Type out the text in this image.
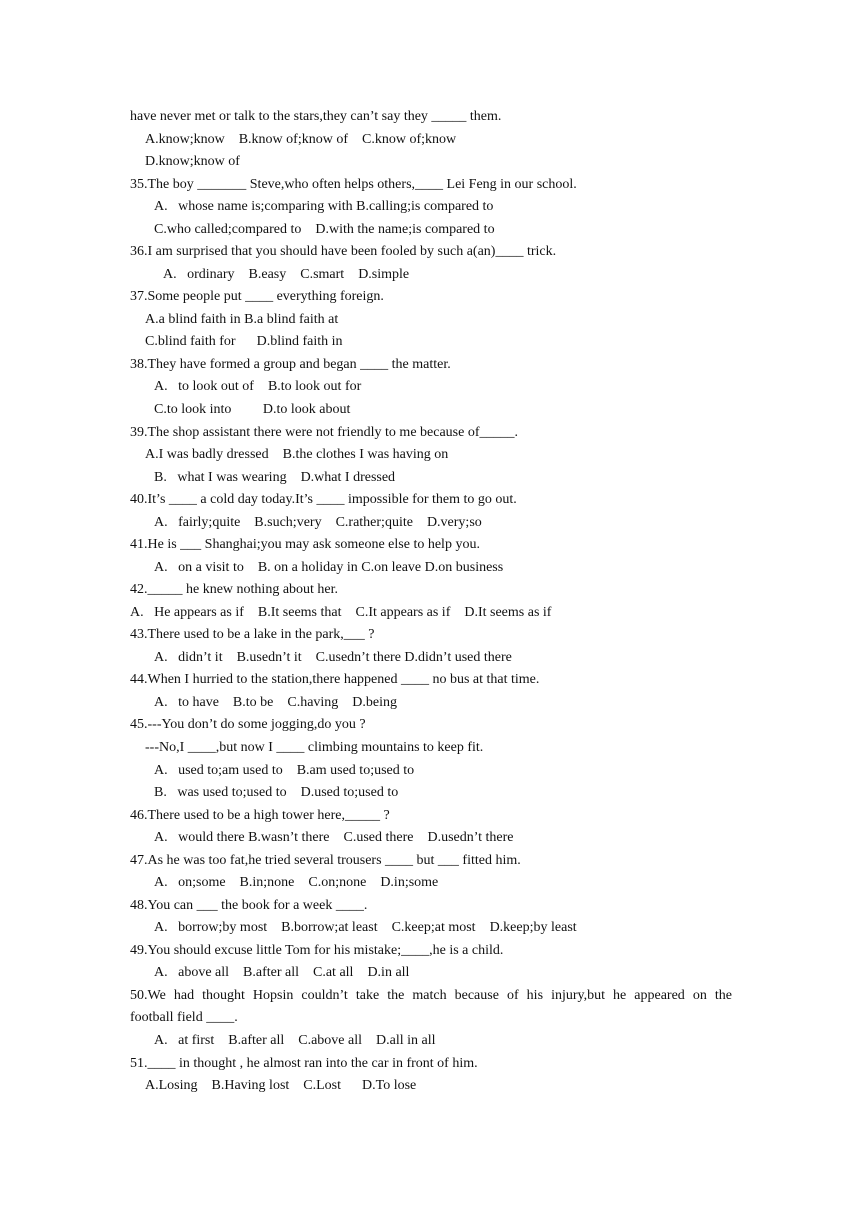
have never met or talk to the stars,they can’t say they _____ them.
A.know;know    B.know of;know of    C.know of;know
D.know;know of
35.The boy _______ Steve,who often helps others,____ Lei Feng in our school.
A.   whose name is;comparing with B.calling;is compared to
C.who called;compared to    D.with the name;is compared to
36.I am surprised that you should have been fooled by such a(an)____ trick.
A.   ordinary    B.easy    C.smart    D.simple
37.Some people put ____ everything foreign.
A.a blind faith in B.a blind faith at
C.blind faith for      D.blind faith in
38.They have formed a group and began ____ the matter.
A.   to look out of    B.to look out for
C.to look into         D.to look about
39.The shop assistant there were not friendly to me because of_____.
A.I was badly dressed    B.the clothes I was having on
B.   what I was wearing    D.what I dressed
40.It’s ____ a cold day today.It’s ____ impossible for them to go out.
A.   fairly;quite    B.such;very    C.rather;quite    D.very;so
41.He is ___ Shanghai;you may ask someone else to help you.
A.   on a visit to    B. on a holiday in C.on leave D.on business
42._____ he knew nothing about her.
A.   He appears as if    B.It seems that    C.It appears as if    D.It seems as if
43.There used to be a lake in the park,___ ?
A.   didn’t it    B.usedn’t it    C.usedn’t there D.didn’t used there
44.When I hurried to the station,there happened ____ no bus at that time.
A.   to have    B.to be    C.having    D.being
45.---You don’t do some jogging,do you ?
---No,I ____,but now I ____ climbing mountains to keep fit.
A.   used to;am used to    B.am used to;used to
B.   was used to;used to    D.used to;used to
46.There used to be a high tower here,_____ ?
A.   would there B.wasn’t there    C.used there    D.usedn’t there
47.As he was too fat,he tried several trousers ____ but ___ fitted him.
A.   on;some    B.in;none    C.on;none    D.in;some
48.You can ___ the book for a week ____.
A.   borrow;by most    B.borrow;at least    C.keep;at most    D.keep;by least
49.You should excuse little Tom for his mistake;____,he is a child.
A.   above all    B.after all    C.at all    D.in all
50.We had thought Hopsin couldn’t take the match because of his injury,but he appeared on the
football field ____.
A.   at first    B.after all    C.above all    D.all in all
51.____ in thought , he almost ran into the car in front of him.
A.Losing    B.Having lost    C.Lost      D.To lose
